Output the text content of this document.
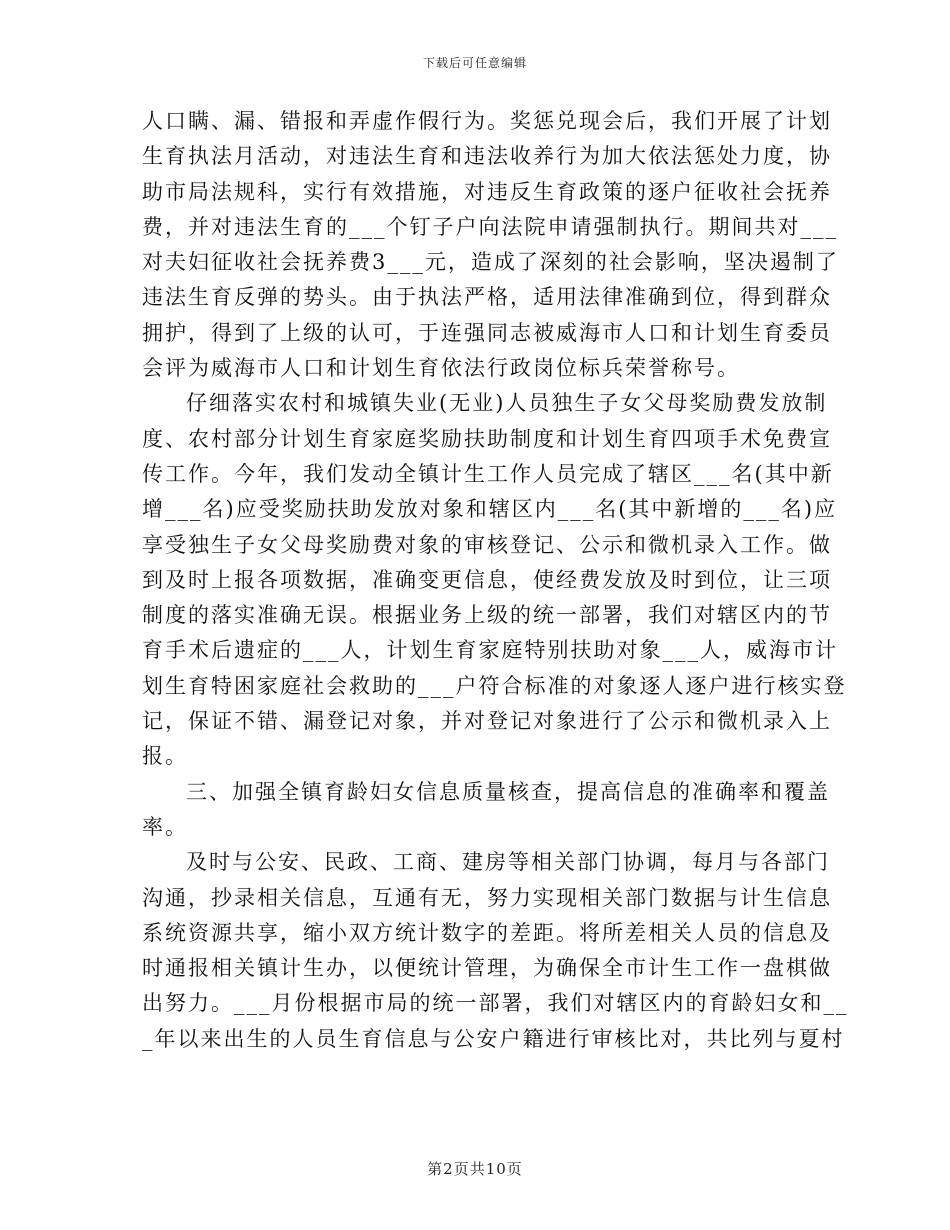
下载后可任意编辑

人口瞒、漏、错报和弄虚作假行为。奖惩兑现会后，我们开展了计划
生育执法月活动，对违法生育和违法收养行为加大依法惩处力度，协
助市局法规科，实行有效措施，对违反生育政策的逐户征收社会抚养
费，并对违法生育的___个钉子户向法院申请强制执行。期间共对___
对夫妇征收社会抚养费3___元，造成了深刻的社会影响，坚决遏制了
违法生育反弹的势头。由于执法严格，适用法律准确到位，得到群众
拥护，得到了上级的认可，于连强同志被威海市人口和计划生育委员
会评为威海市人口和计划生育依法行政岗位标兵荣誉称号。

仔细落实农村和城镇失业(无业)人员独生子女父母奖励费发放制
度、农村部分计划生育家庭奖励扶助制度和计划生育四项手术免费宣
传工作。今年，我们发动全镇计生工作人员完成了辖区___名(其中新
增___名)应受奖励扶助发放对象和辖区内___名(其中新增的___名)应
享受独生子女父母奖励费对象的审核登记、公示和微机录入工作。做
到及时上报各项数据，准确变更信息，使经费发放及时到位，让三项
制度的落实准确无误。根据业务上级的统一部署，我们对辖区内的节
育手术后遗症的___人，计划生育家庭特别扶助对象___人，威海市计
划生育特困家庭社会救助的___户符合标准的对象逐人逐户进行核实登
记，保证不错、漏登记对象，并对登记对象进行了公示和微机录入上
报。

三、加强全镇育龄妇女信息质量核查，提高信息的准确率和覆盖
率。

及时与公安、民政、工商、建房等相关部门协调，每月与各部门
沟通，抄录相关信息，互通有无，努力实现相关部门数据与计生信息
系统资源共享，缩小双方统计数字的差距。将所差相关人员的信息及
时通报相关镇计生办，以便统计管理，为确保全市计生工作一盘棋做
出努力。___月份根据市局的统一部署，我们对辖区内的育龄妇女和__
_年以来出生的人员生育信息与公安户籍进行审核比对，共比列与夏村

第2页共10页
